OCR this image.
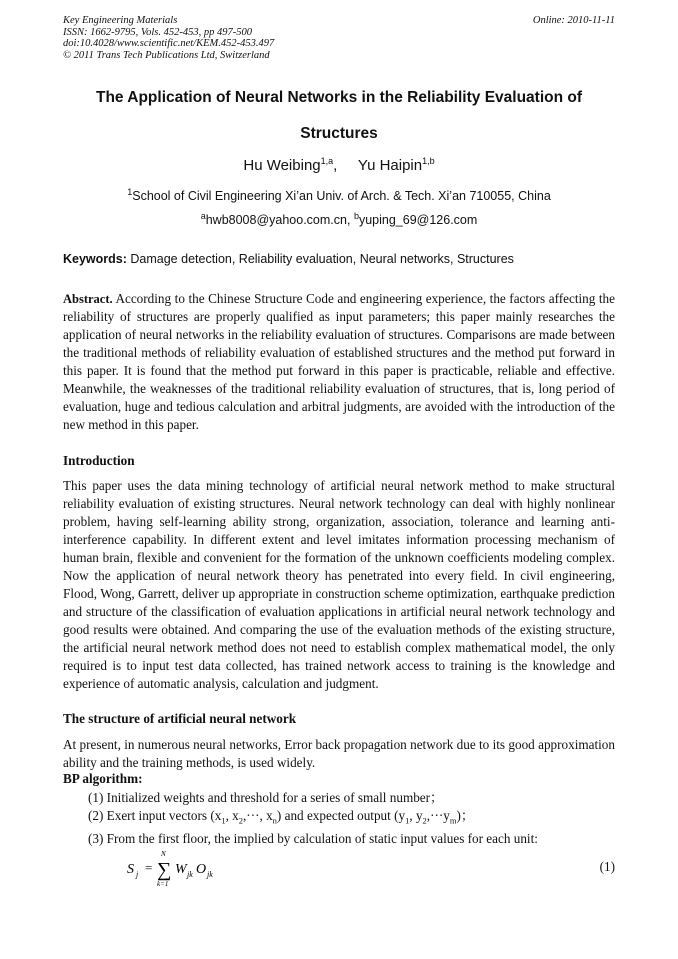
Key Engineering Materials
ISSN: 1662-9795, Vols. 452-453, pp 497-500
doi:10.4028/www.scientific.net/KEM.452-453.497
© 2011 Trans Tech Publications Ltd, Switzerland
Online: 2010-11-11
The Application of Neural Networks in the Reliability Evaluation of
Structures
Hu Weibing$^{1,a}$, Yu Haipin$^{1,b}$
$^1$School of Civil Engineering Xi’an Univ. of Arch. & Tech. Xi’an 710055, China
$^a$hwb8008@yahoo.com.cn, $^b$yuping_69@126.com
Keywords: Damage detection, Reliability evaluation, Neural networks, Structures
Abstract. According to the Chinese Structure Code and engineering experience, the factors affecting the reliability of structures are properly qualified as input parameters; this paper mainly researches the application of neural networks in the reliability evaluation of structures. Comparisons are made between the traditional methods of reliability evaluation of established structures and the method put forward in this paper. It is found that the method put forward in this paper is practicable, reliable and effective. Meanwhile, the weaknesses of the traditional reliability evaluation of structures, that is, long period of evaluation, huge and tedious calculation and arbitral judgments, are avoided with the introduction of the new method in this paper.
Introduction
This paper uses the data mining technology of artificial neural network method to make structural reliability evaluation of existing structures. Neural network technology can deal with highly nonlinear problem, having self-learning ability strong, organization, association, tolerance and learning anti-interference capability. In different extent and level imitates information processing mechanism of human brain, flexible and convenient for the formation of the unknown coefficients modeling complex. Now the application of neural network theory has penetrated into every field. In civil engineering, Flood, Wong, Garrett, deliver up appropriate in construction scheme optimization, earthquake prediction and structure of the classification of evaluation applications in artificial neural network technology and good results were obtained. And comparing the use of the evaluation methods of the existing structure, the artificial neural network method does not need to establish complex mathematical model, the only required is to input test data collected, has trained network access to training is the knowledge and experience of automatic analysis, calculation and judgment.
The structure of artificial neural network
At present, in numerous neural networks, Error back propagation network due to its good approximation ability and the training methods, is used widely.
BP algorithm:
(1) Initialized weights and threshold for a series of small number；
(2) Exert input vectors ($x_1$, $x_2,\cdot\cdot\cdot$, $x_n$) and expected output ($y_1$, $y_2,\cdot\cdot\cdot y_m$)；
(3) From the first floor, the implied by calculation of static input values for each unit:
S j =
N
∑
k=1
W jk O jk
(1)
